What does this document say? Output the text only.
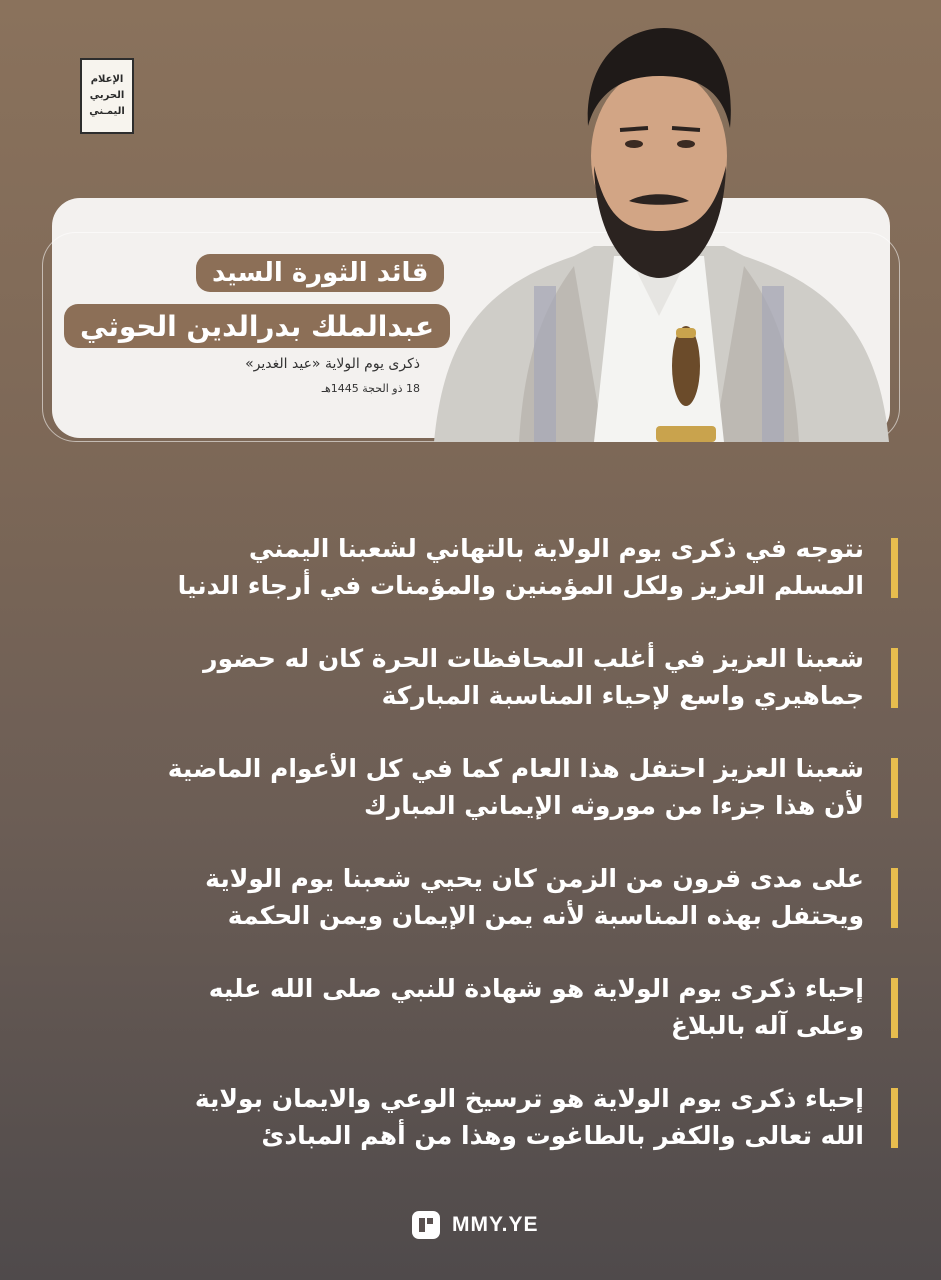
الإعلام
الحربي
اليمـني
قائد الثورة السيد
عبدالملك بدرالدين الحوثي
ذكرى يوم الولاية «عيد الغدير»
18 ذو الحجة 1445هـ
نتوجه في ذكرى يوم الولاية بالتهاني لشعبنا اليمني
المسلم العزيز ولكل المؤمنين والمؤمنات في أرجاء الدنيا
شعبنا العزيز في أغلب المحافظات الحرة كان له حضور
جماهيري واسع لإحياء المناسبة المباركة
شعبنا العزيز احتفل هذا العام كما في كل الأعوام الماضية
لأن هذا جزءا من موروثه الإيماني المبارك
على مدى قرون من الزمن كان يحيي شعبنا يوم الولاية
ويحتفل بهذه المناسبة لأنه يمن الإيمان ويمن الحكمة
إحياء ذكرى يوم الولاية هو شهادة للنبي صلى الله عليه
وعلى آله بالبلاغ
إحياء ذكرى يوم الولاية هو ترسيخ الوعي والايمان بولاية
الله تعالى والكفر بالطاغوت وهذا من أهم المبادئ
MMY.YE
